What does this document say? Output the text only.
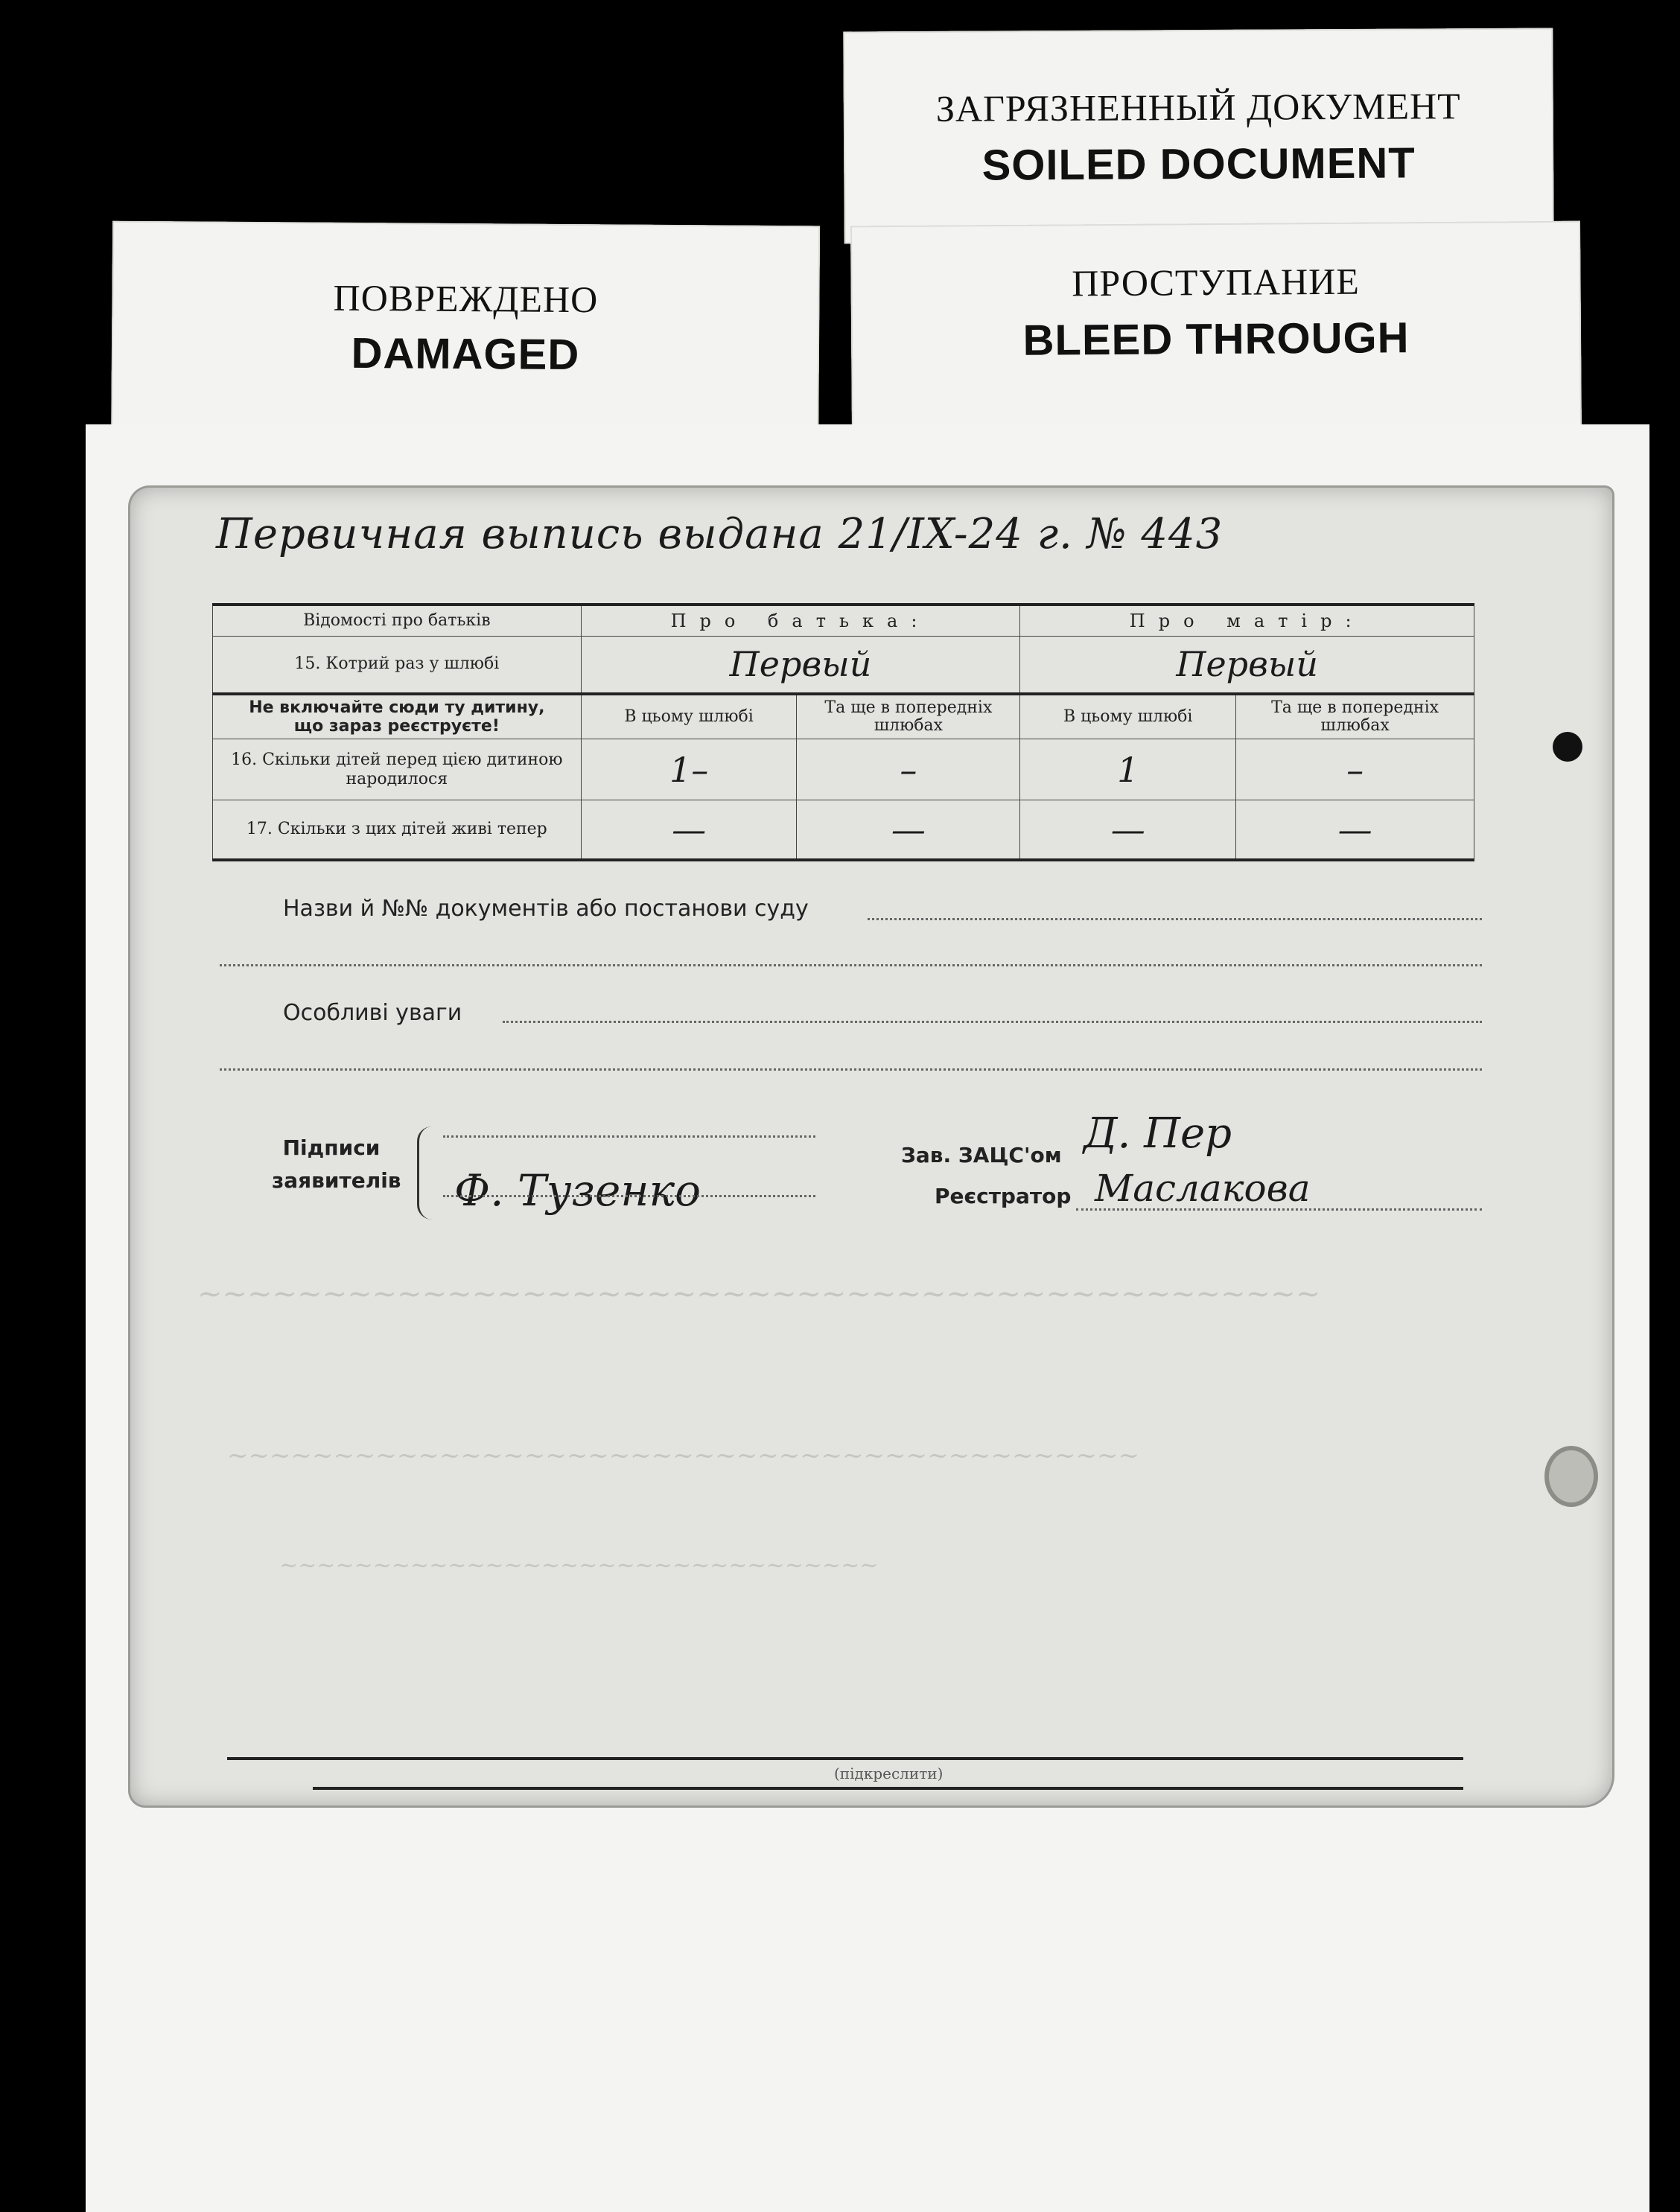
ЗАГРЯЗНЕННЫЙ ДОКУМЕНТ
SOILED DOCUMENT
ПОВРЕЖДЕНО
DAMAGED
ПРОСТУПАНИЕ
BLEED THROUGH
~~~~~~~~~~~~~~~~~~~~~~~~~~~~~~~~~~~~~~~~~~~~~
~~~~~~~~~~~~~~~~~~~~~~~~~~~~~~~~~~~~~~~~~~~
~~~~~~~~~~~~~~~~~~~~~~~~~~~~~~~~
Первичная выпись выдана 21/IX-24 г. № 443
Відомості про батьків	Про батька:		Про матір:	
15. Котрий раз у шлюбі	Первый		Первый	

Не включайте сюди ту дитину,
що зараз реєструєте!	В цьому шлюбі	Та ще в попередніх шлюбах	В цьому шлюбі	Та ще в попередніх шлюбах
16. Скільки дітей перед цією дитиною народилося	1–	–	1	–
17. Скільки з цих дітей живі тепер	—	—	—	—
Назви й №№ документів або постанови суду
Особливі уваги
Підписи заявителів Ф. Тузенко
Зав. ЗАЦС'ом Д. Пер
Реєстратор Маслакова
(підкреслити)
